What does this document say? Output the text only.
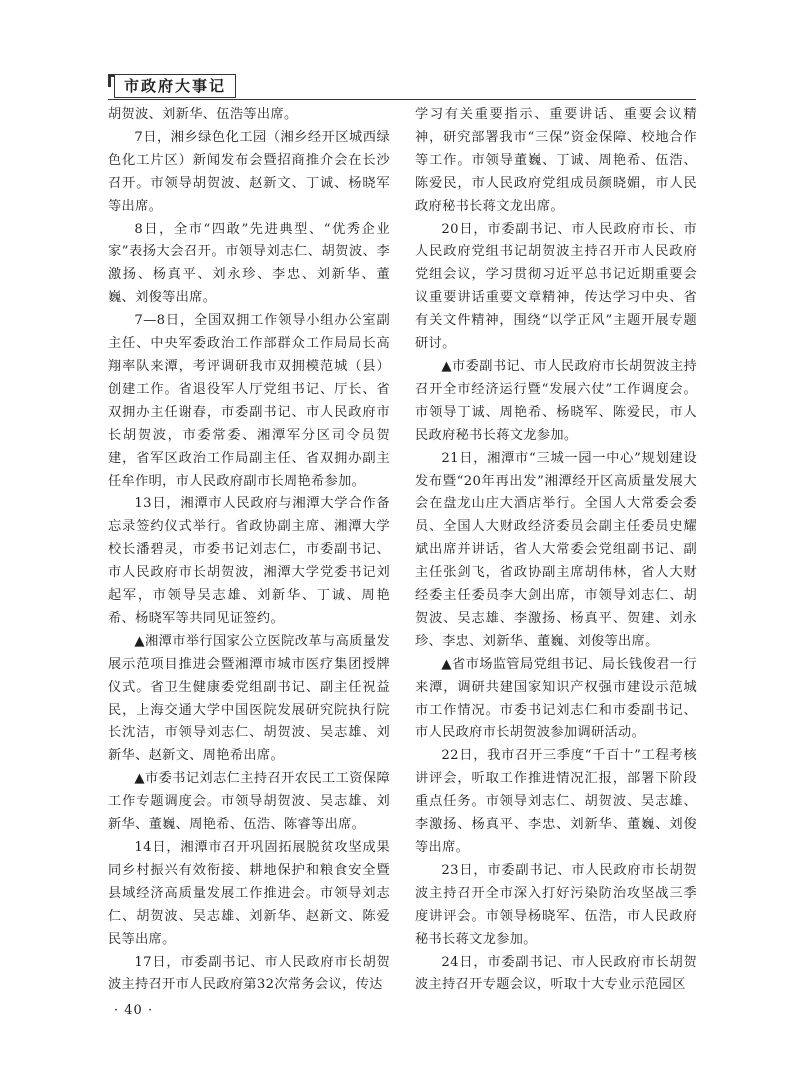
市政府大事记

胡贺波、刘新华、伍浩等出席。

7日，湘乡绿色化工园（湘乡经开区城西绿色化工片区）新闻发布会暨招商推介会在长沙召开。市领导胡贺波、赵新文、丁诚、杨晓军等出席。

8日，全市“四敢”先进典型、“优秀企业家”表扬大会召开。市领导刘志仁、胡贺波、李激扬、杨真平、刘永珍、李忠、刘新华、董巍、刘俊等出席。

7—8日，全国双拥工作领导小组办公室副主任、中央军委政治工作部群众工作局局长高翔率队来潭，考评调研我市双拥模范城（县）创建工作。省退役军人厅党组书记、厅长、省双拥办主任谢春，市委副书记、市人民政府市长胡贺波，市委常委、湘潭军分区司令员贺建，省军区政治工作局副主任、省双拥办副主任牟作明，市人民政府副市长周艳希参加。

13日，湘潭市人民政府与湘潭大学合作备忘录签约仪式举行。省政协副主席、湘潭大学校长潘碧灵，市委书记刘志仁，市委副书记、市人民政府市长胡贺波，湘潭大学党委书记刘起军，市领导吴志雄、刘新华、丁诚、周艳希、杨晓军等共同见证签约。

▲湘潭市举行国家公立医院改革与高质量发展示范项目推进会暨湘潭市城市医疗集团授牌仪式。省卫生健康委党组副书记、副主任祝益民，上海交通大学中国医院发展研究院执行院长沈洁，市领导刘志仁、胡贺波、吴志雄、刘新华、赵新文、周艳希出席。

▲市委书记刘志仁主持召开农民工工资保障工作专题调度会。市领导胡贺波、吴志雄、刘新华、董巍、周艳希、伍浩、陈睿等出席。

14日，湘潭市召开巩固拓展脱贫攻坚成果同乡村振兴有效衔接、耕地保护和粮食安全暨县域经济高质量发展工作推进会。市领导刘志仁、胡贺波、吴志雄、刘新华、赵新文、陈爱民等出席。

17日，市委副书记、市人民政府市长胡贺波主持召开市人民政府第32次常务会议，传达

学习有关重要指示、重要讲话、重要会议精神，研究部署我市“三保”资金保障、校地合作等工作。市领导董巍、丁诚、周艳希、伍浩、陈爱民，市人民政府党组成员颜晓媚，市人民政府秘书长蒋文龙出席。

20日，市委副书记、市人民政府市长、市人民政府党组书记胡贺波主持召开市人民政府党组会议，学习贯彻习近平总书记近期重要会议重要讲话重要文章精神，传达学习中央、省有关文件精神，围绕“以学正风”主题开展专题研讨。

▲市委副书记、市人民政府市长胡贺波主持召开全市经济运行暨“发展六仗”工作调度会。市领导丁诚、周艳希、杨晓军、陈爱民，市人民政府秘书长蒋文龙参加。

21日，湘潭市“三城一园一中心”规划建设发布暨“20年再出发”湘潭经开区高质量发展大会在盘龙山庄大酒店举行。全国人大常委会委员、全国人大财政经济委员会副主任委员史耀斌出席并讲话，省人大常委会党组副书记、副主任张剑飞，省政协副主席胡伟林，省人大财经委主任委员李大剑出席，市领导刘志仁、胡贺波、吴志雄、李激扬、杨真平、贺建、刘永珍、李忠、刘新华、董巍、刘俊等出席。

▲省市场监管局党组书记、局长钱俊君一行来潭，调研共建国家知识产权强市建设示范城市工作情况。市委书记刘志仁和市委副书记、市人民政府市长胡贺波参加调研活动。

22日，我市召开三季度“千百十”工程考核讲评会，听取工作推进情况汇报，部署下阶段重点任务。市领导刘志仁、胡贺波、吴志雄、李激扬、杨真平、李忠、刘新华、董巍、刘俊等出席。

23日，市委副书记、市人民政府市长胡贺波主持召开全市深入打好污染防治攻坚战三季度讲评会。市领导杨晓军、伍浩，市人民政府秘书长蒋文龙参加。

24日，市委副书记、市人民政府市长胡贺波主持召开专题会议，听取十大专业示范园区

· 40 ·
